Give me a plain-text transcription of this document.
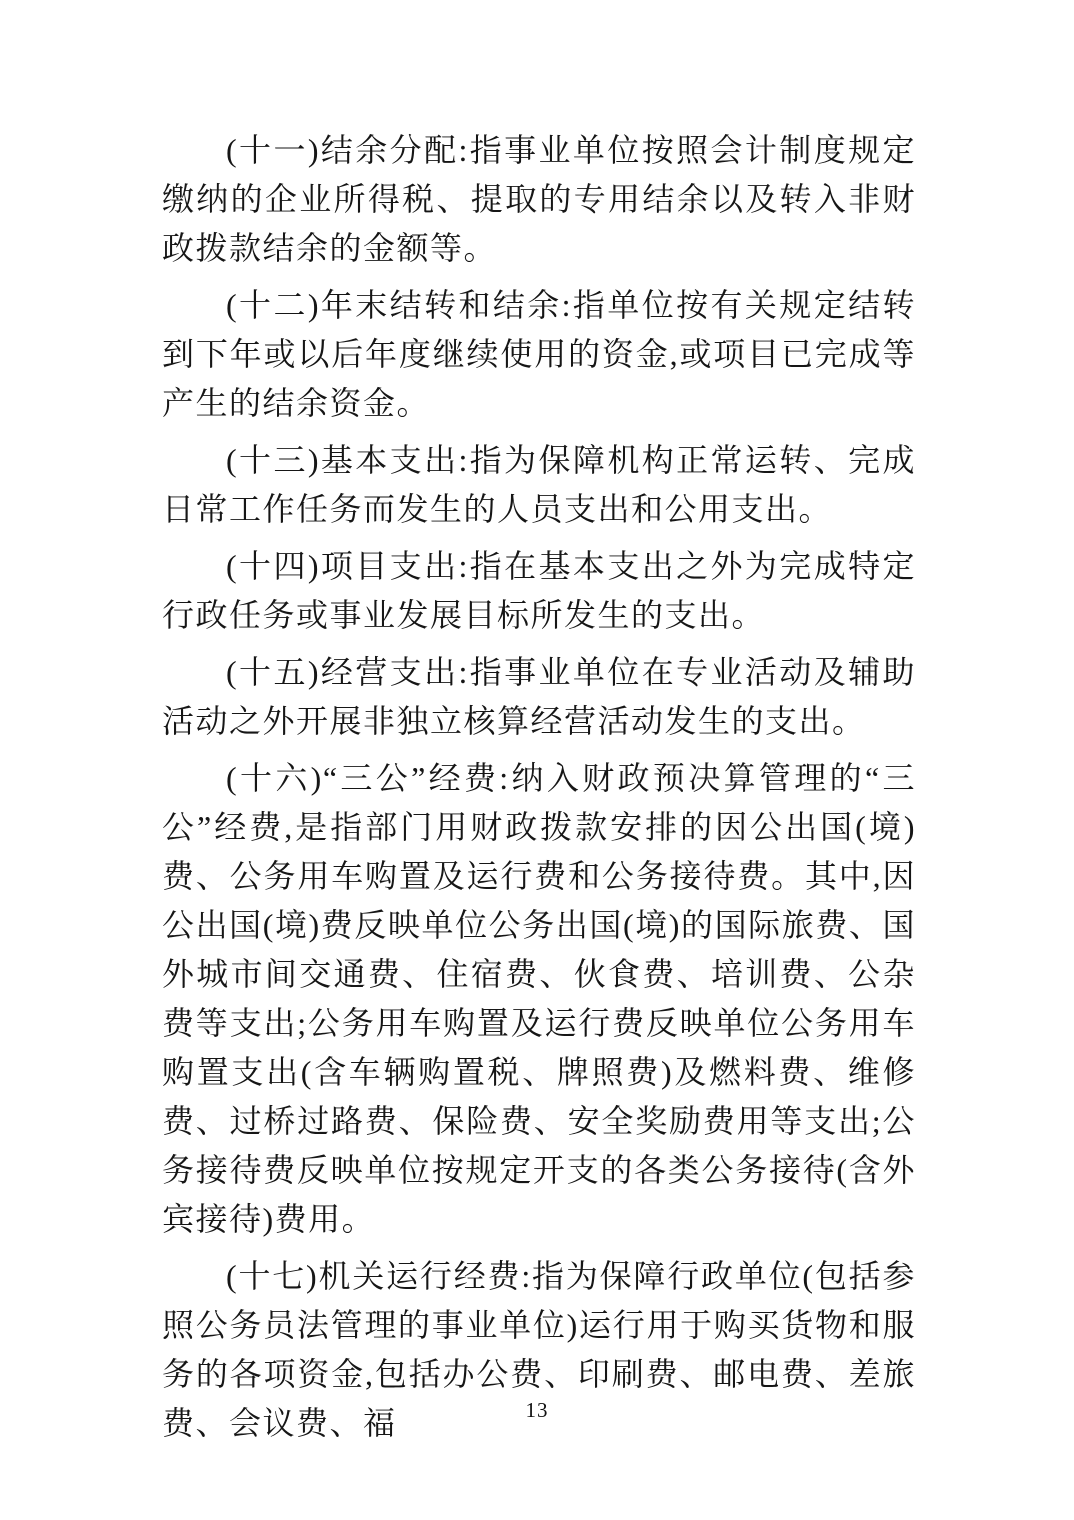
(十一)结余分配:指事业单位按照会计制度规定缴纳的企业所得税、提取的专用结余以及转入非财政拨款结余的金额等。

(十二)年末结转和结余:指单位按有关规定结转到下年或以后年度继续使用的资金,或项目已完成等产生的结余资金。

(十三)基本支出:指为保障机构正常运转、完成日常工作任务而发生的人员支出和公用支出。

(十四)项目支出:指在基本支出之外为完成特定行政任务或事业发展目标所发生的支出。

(十五)经营支出:指事业单位在专业活动及辅助活动之外开展非独立核算经营活动发生的支出。

(十六)“三公”经费:纳入财政预决算管理的“三公”经费,是指部门用财政拨款安排的因公出国(境)费、公务用车购置及运行费和公务接待费。其中,因公出国(境)费反映单位公务出国(境)的国际旅费、国外城市间交通费、住宿费、伙食费、培训费、公杂费等支出;公务用车购置及运行费反映单位公务用车购置支出(含车辆购置税、牌照费)及燃料费、维修费、过桥过路费、保险费、安全奖励费用等支出;公务接待费反映单位按规定开支的各类公务接待(含外宾接待)费用。

(十七)机关运行经费:指为保障行政单位(包括参照公务员法管理的事业单位)运行用于购买货物和服务的各项资金,包括办公费、印刷费、邮电费、差旅费、会议费、福	13
